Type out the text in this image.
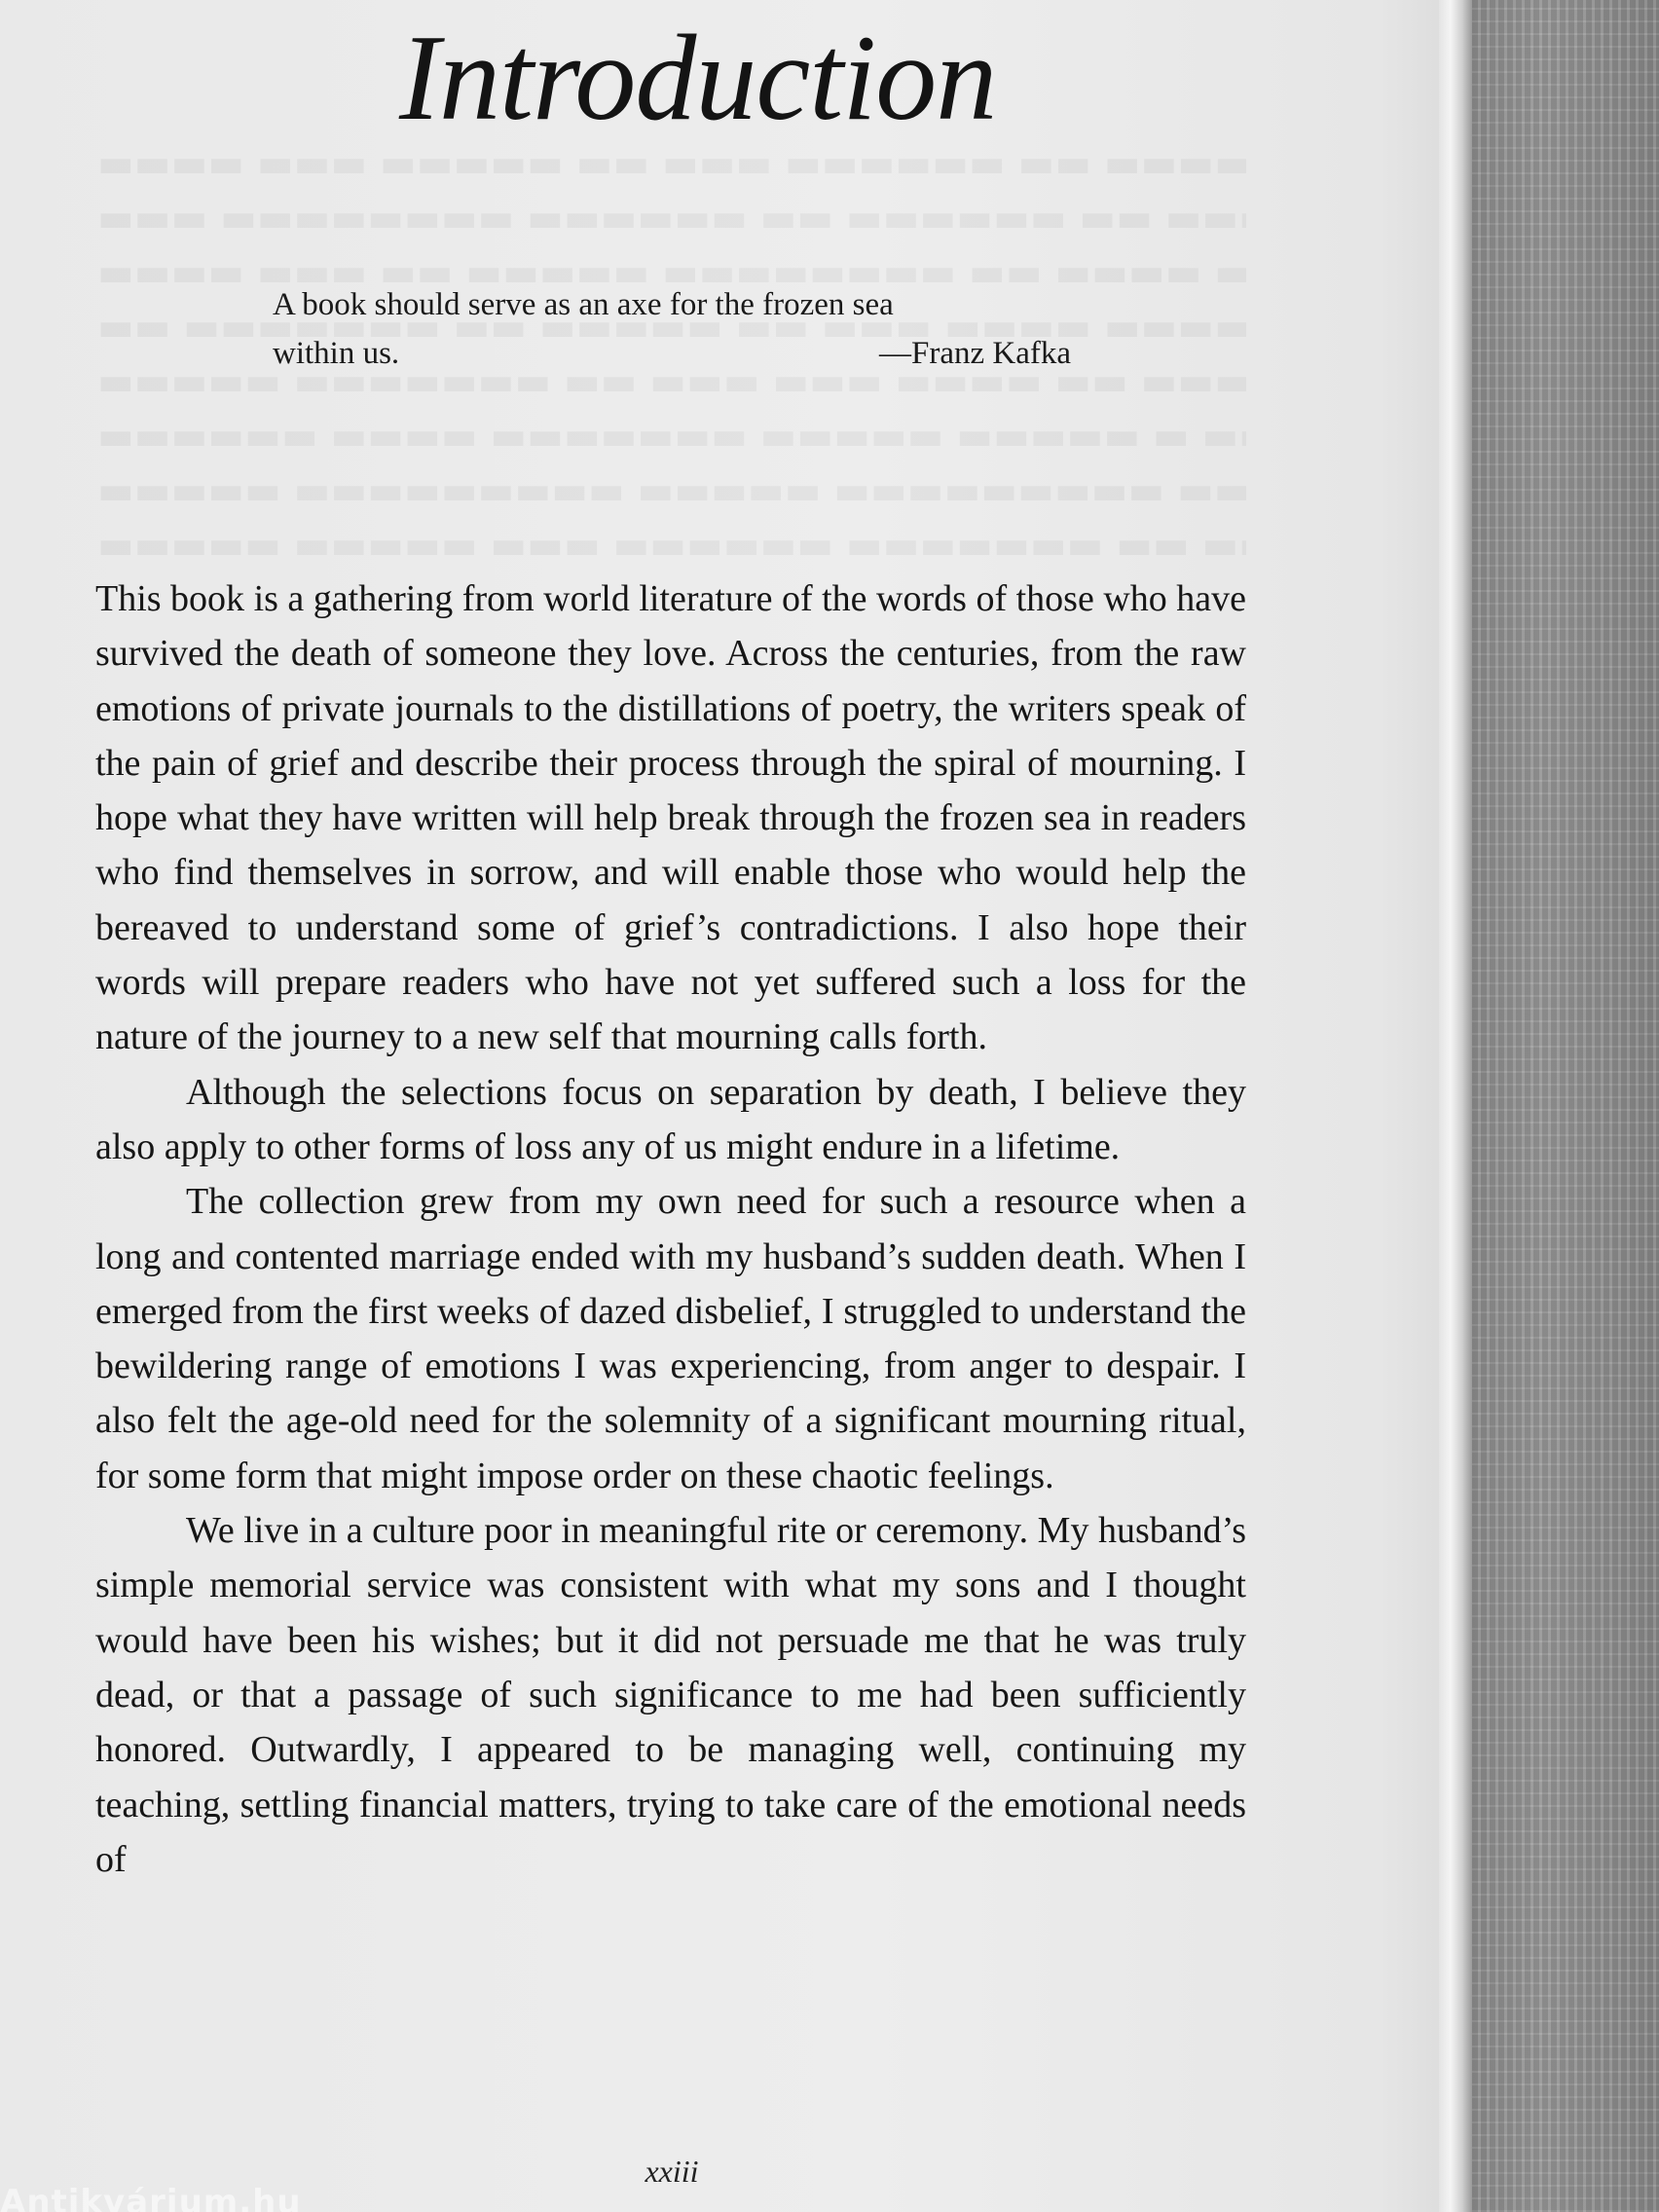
Introduction
A book should serve as an axe for the frozen sea
within us.	—Franz Kafka

This book is a gathering from world literature of the words of those who have survived the death of someone they love. Across the centuries, from the raw emotions of private journals to the distillations of poetry, the writers speak of the pain of grief and describe their process through the spiral of mourning. I hope what they have written will help break through the frozen sea in readers who find themselves in sorrow, and will enable those who would help the bereaved to understand some of grief’s contradictions. I also hope their words will prepare readers who have not yet suffered such a loss for the nature of the journey to a new self that mourning calls forth.

Although the selections focus on separation by death, I believe they also apply to other forms of loss any of us might endure in a lifetime.

The collection grew from my own need for such a resource when a long and contented marriage ended with my husband’s sudden death. When I emerged from the first weeks of dazed disbelief, I struggled to understand the bewildering range of emotions I was experiencing, from anger to despair. I also felt the age-old need for the solemnity of a significant mourning ritual, for some form that might impose order on these chaotic feelings.

We live in a culture poor in meaningful rite or ceremony. My husband’s simple memorial service was consistent with what my sons and I thought would have been his wishes; but it did not persuade me that he was truly dead, or that a passage of such significance to me had been sufficiently honored. Outwardly, I appeared to be managing well, continuing my teaching, settling financial matters, trying to take care of the emotional needs of

xxiii
Antikvárium.hu
